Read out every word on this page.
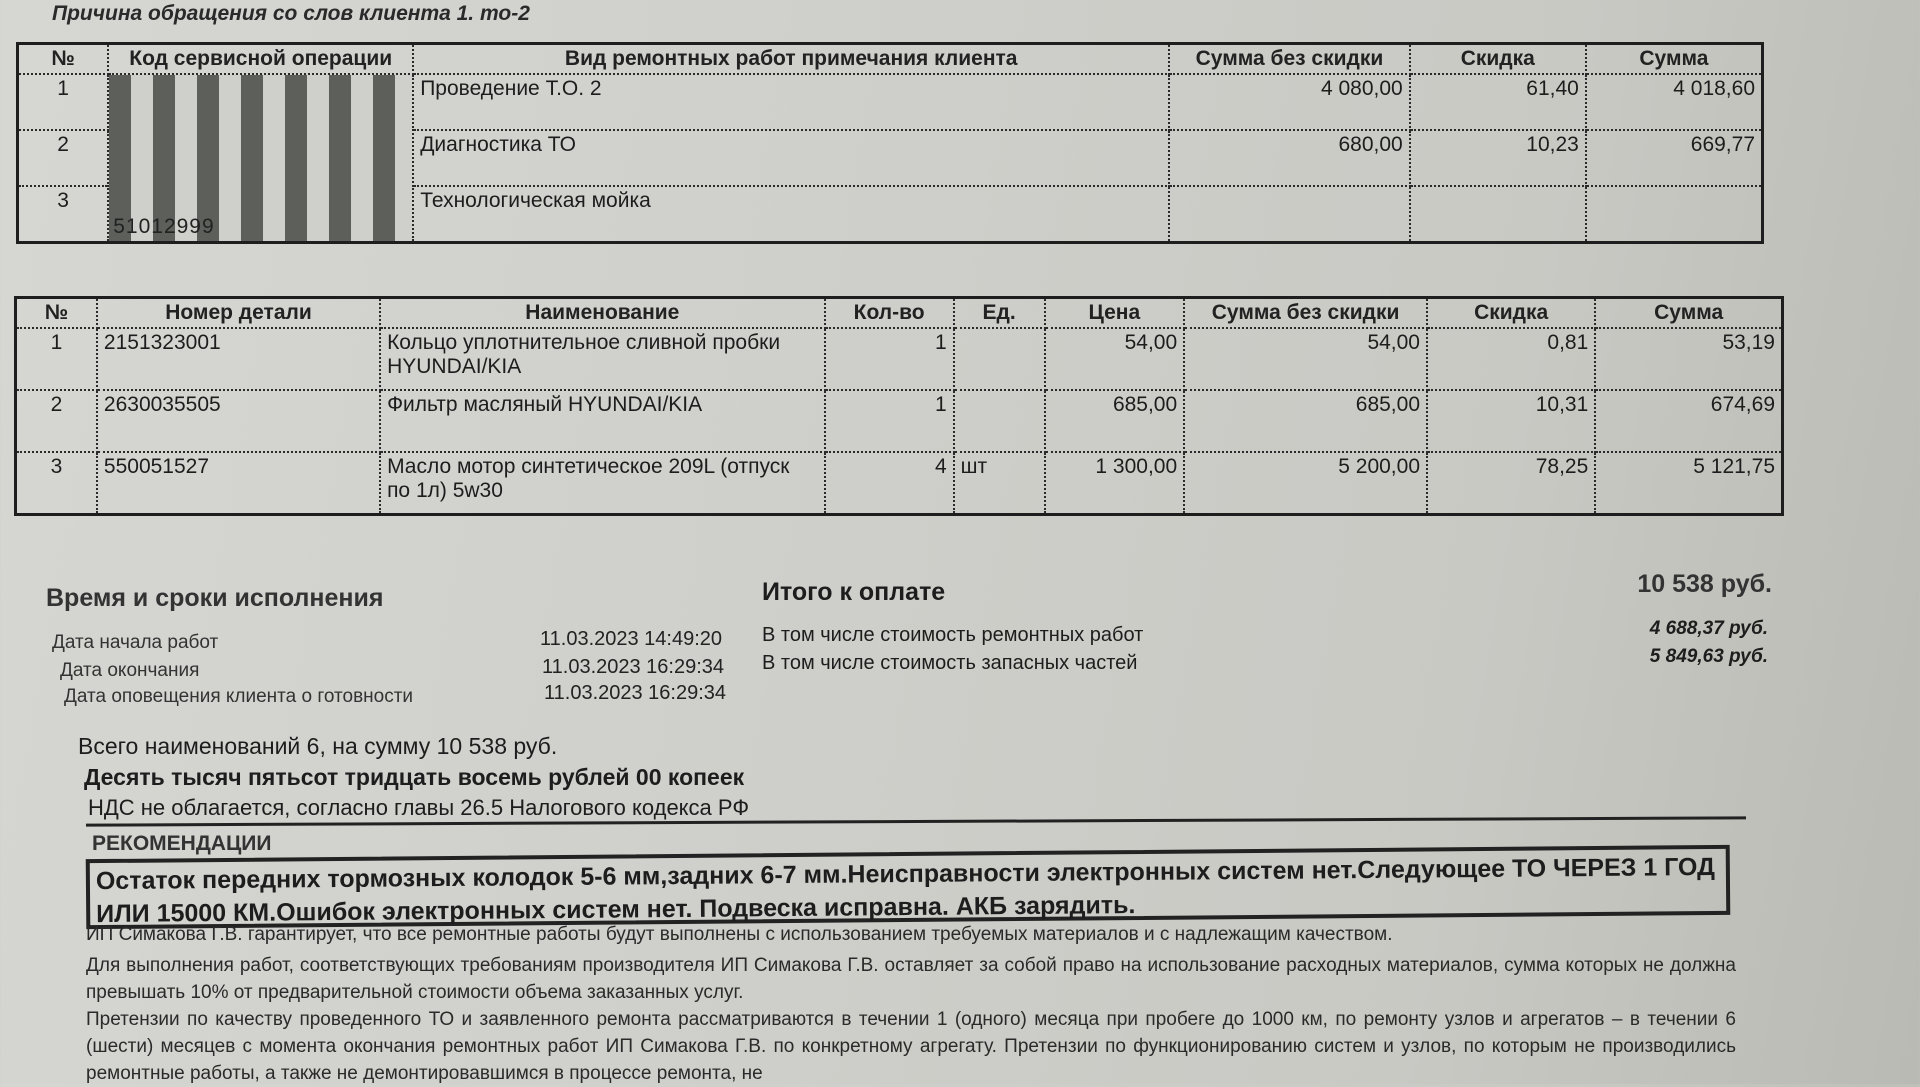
Причина обращения со слов клиента 1. то-2
№	Код сервисной операции	Вид ремонтных работ примечания клиента	Сумма без скидки	Скидка	Сумма
1	51012999	Проведение Т.О. 2	4 080,00	61,40	4 018,60
2		Диагностика ТО	680,00	10,23	669,77
3		Технологическая мойка			
№	Номер детали	Наименование	Кол-во	Ед.	Цена	Сумма без скидки	Скидка	Сумма
1	2151323001	Кольцо уплотнительное сливной пробки HYUNDAI/KIA	1		54,00	54,00	0,81	53,19
2	2630035505	Фильтр масляный HYUNDAI/KIA	1		685,00	685,00	10,31	674,69
3	550051527	Масло мотор синтетическое 209L (отпуск по 1л) 5w30	4	шт	1 300,00	5 200,00	78,25	5 121,75
Время и сроки исполнения
Дата начала работ	11.03.2023 14:49:20
Дата окончания	11.03.2023 16:29:34
Дата оповещения клиента о готовности	11.03.2023 16:29:34
Итого к оплате	10 538 руб.
В том числе стоимость ремонтных работ	4 688,37 руб.
В том числе стоимость запасных частей	5 849,63 руб.
Всего наименований 6, на сумму 10 538 руб.
Десять тысяч пятьсот тридцать восемь рублей 00 копеек
НДС не облагается, согласно главы 26.5 Налогового кодекса РФ
РЕКОМЕНДАЦИИ
Остаток передних тормозных колодок 5-6 мм,задних 6-7 мм.Неисправности электронных систем нет.Следующее ТО ЧЕРЕЗ 1 ГОД ИЛИ 15000 КМ.Ошибок электронных систем нет. Подвеска исправна. АКБ зарядить.
ИП Симакова Г.В. гарантирует, что все ремонтные работы будут выполнены с использованием требуемых материалов и с надлежащим качеством.
Для выполнения работ, соответствующих требованиям производителя ИП Симакова Г.В. оставляет за собой право на использование расходных материалов, сумма которых не должна превышать 10% от предварительной стоимости объема заказанных услуг.
Претензии по качеству проведенного ТО и заявленного ремонта рассматриваются в течении 1 (одного) месяца при пробеге до 1000 км, по ремонту узлов и агрегатов – в течении 6 (шести) месяцев с момента окончания ремонтных работ ИП Симакова Г.В. по конкретному агрегату. Претензии по функционированию систем и узлов, по которым не производились ремонтные работы, а также не демонтировавшимся в процессе ремонта, не
